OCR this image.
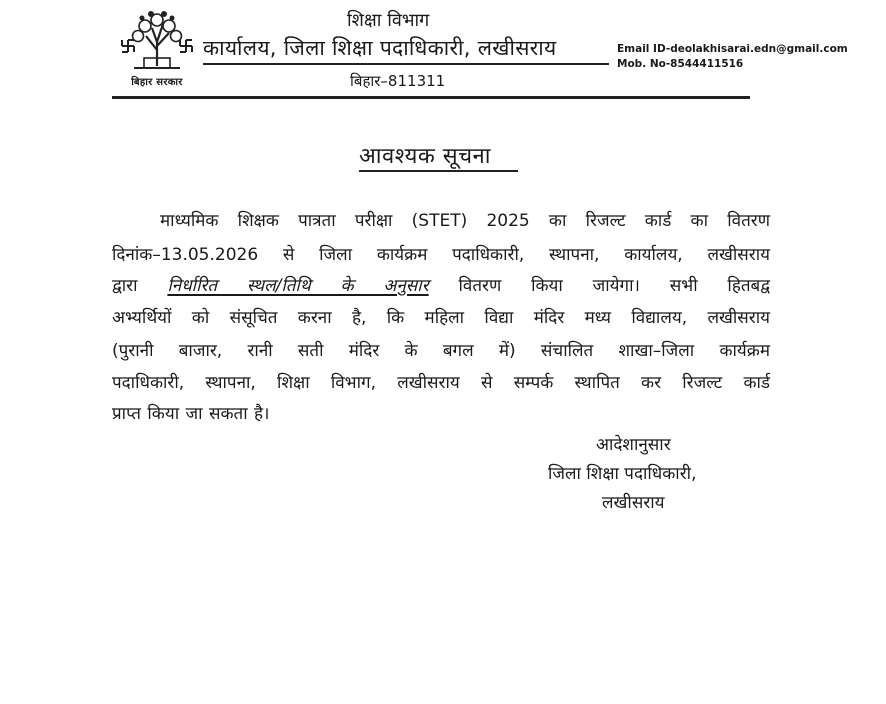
बिहार सरकार
शिक्षा विभाग
कार्यालय, जिला शिक्षा पदाधिकारी, लखीसराय
बिहार–811311
Email ID-deolakhisarai.edn@gmail.com
Mob. No-8544411516
आवश्यक सूचना
माध्यमिक शिक्षक पात्रता परीक्षा (STET) 2025 का रिजल्ट कार्ड का वितरण
दिनांक–13.05.2026 से जिला कार्यक्रम पदाधिकारी, स्थापना, कार्यालय, लखीसराय
द्वारा निर्धारित स्थल/तिथि के अनुसार वितरण किया जायेगा। सभी हितबद्व
अभ्यर्थियों को संसूचित करना है, कि महिला विद्या मंदिर मध्य विद्यालय, लखीसराय
(पुरानी बाजार, रानी सती मंदिर के बगल में) संचालित शाखा–जिला कार्यक्रम
पदाधिकारी, स्थापना, शिक्षा विभाग, लखीसराय से सम्पर्क स्थापित कर रिजल्ट कार्ड
प्राप्त किया जा सकता है।
आदेशानुसार
जिला शिक्षा पदाधिकारी,
लखीसराय
